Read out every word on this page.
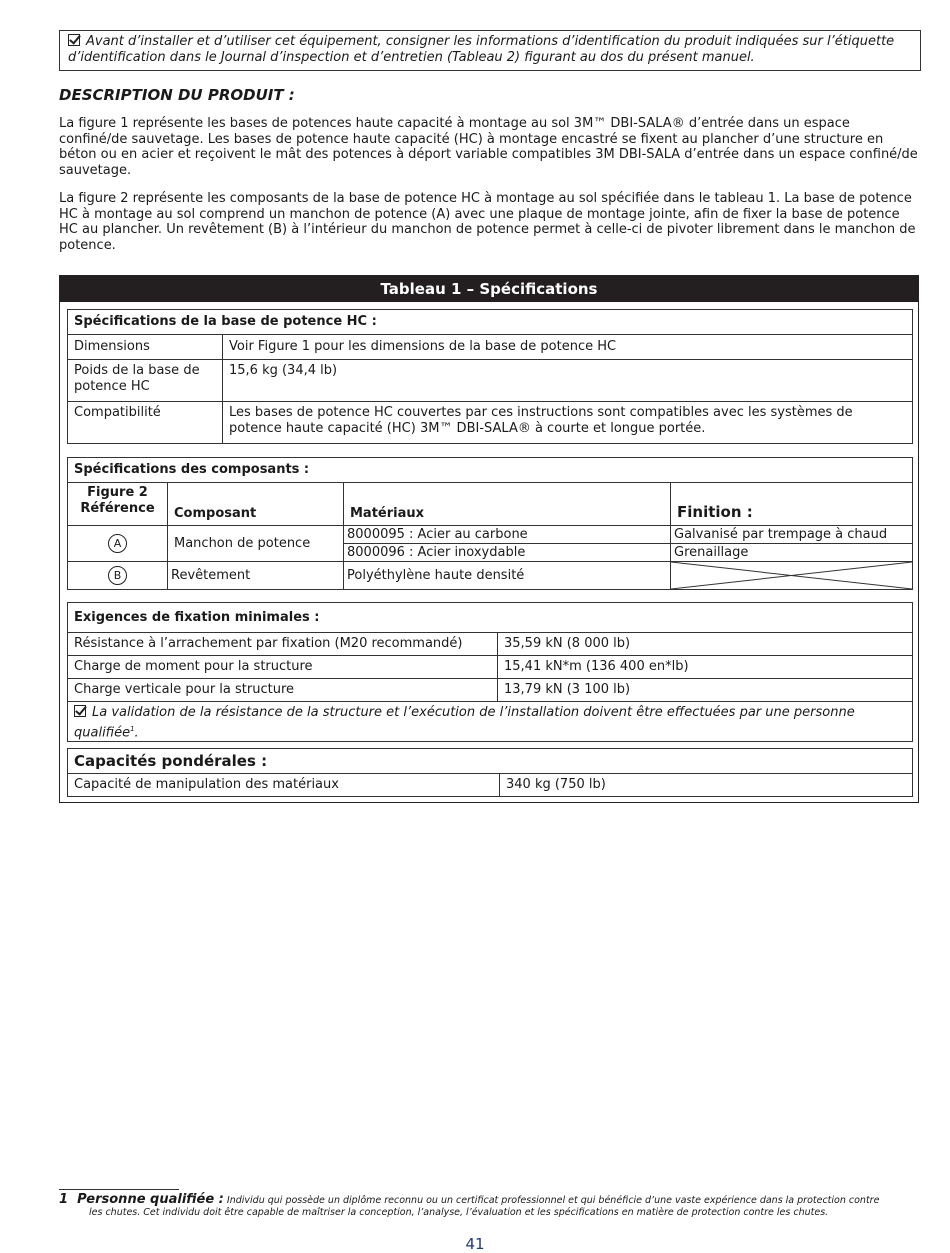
Avant d’installer et d’utiliser cet équipement, consigner les informations d’identification du produit indiquées sur l’étiquette d’identification dans le Journal d’inspection et d’entretien (Tableau 2) figurant au dos du présent manuel.
DESCRIPTION DU PRODUIT :
La figure 1 représente les bases de potences haute capacité à montage au sol 3M™ DBI-SALA® d’entrée dans un espace confiné/de sauvetage. Les bases de potence haute capacité (HC) à montage encastré se fixent au plancher d’une structure en béton ou en acier et reçoivent le mât des potences à déport variable compatibles 3M DBI-SALA d’entrée dans un espace confiné/de sauvetage.
La figure 2 représente les composants de la base de potence HC à montage au sol spécifiée dans le tableau 1. La base de potence HC à montage au sol comprend un manchon de potence (A) avec une plaque de montage jointe, afin de fixer la base de potence HC au plancher. Un revêtement (B) à l’intérieur du manchon de potence permet à celle-ci de pivoter librement dans le manchon de potence.
Tableau 1 – Spécifications
Spécifications de la base de potence HC :	
Dimensions	Voir Figure 1 pour les dimensions de la base de potence HC
Poids de la base de potence HC	15,6 kg (34,4 lb)
Compatibilité	Les bases de potence HC couvertes par ces instructions sont compatibles avec les systèmes de potence haute capacité (HC) 3M™ DBI-SALA® à courte et longue portée.
Spécifications des composants :			
Figure 2 Référence	Composant	Matériaux	Finition :
A	Manchon de potence	8000095 : Acier au carbone	Galvanisé par trempage à chaud
		8000096 : Acier inoxydable	Grenaillage
B	Revêtement	Polyéthylène haute densité	
Exigences de fixation minimales :	
Résistance à l’arrachement par fixation (M20 recommandé)	35,59 kN (8 000 lb)
Charge de moment pour la structure	15,41 kN*m (136 400 en*lb)
Charge verticale pour la structure	13,79 kN (3 100 lb)
La validation de la résistance de la structure et l’exécution de l’installation doivent être effectuées par une personne qualifiée$^1$.	
Capacités pondérales :
Capacité de manipulation des matériaux	340 kg (750 lb)
1 Personne qualifiée : Individu qui possède un diplôme reconnu ou un certificat professionnel et qui bénéficie d’une vaste expérience dans la protection contre
les chutes. Cet individu doit être capable de maîtriser la conception, l’analyse, l’évaluation et les spécifications en matière de protection contre les chutes.
41
